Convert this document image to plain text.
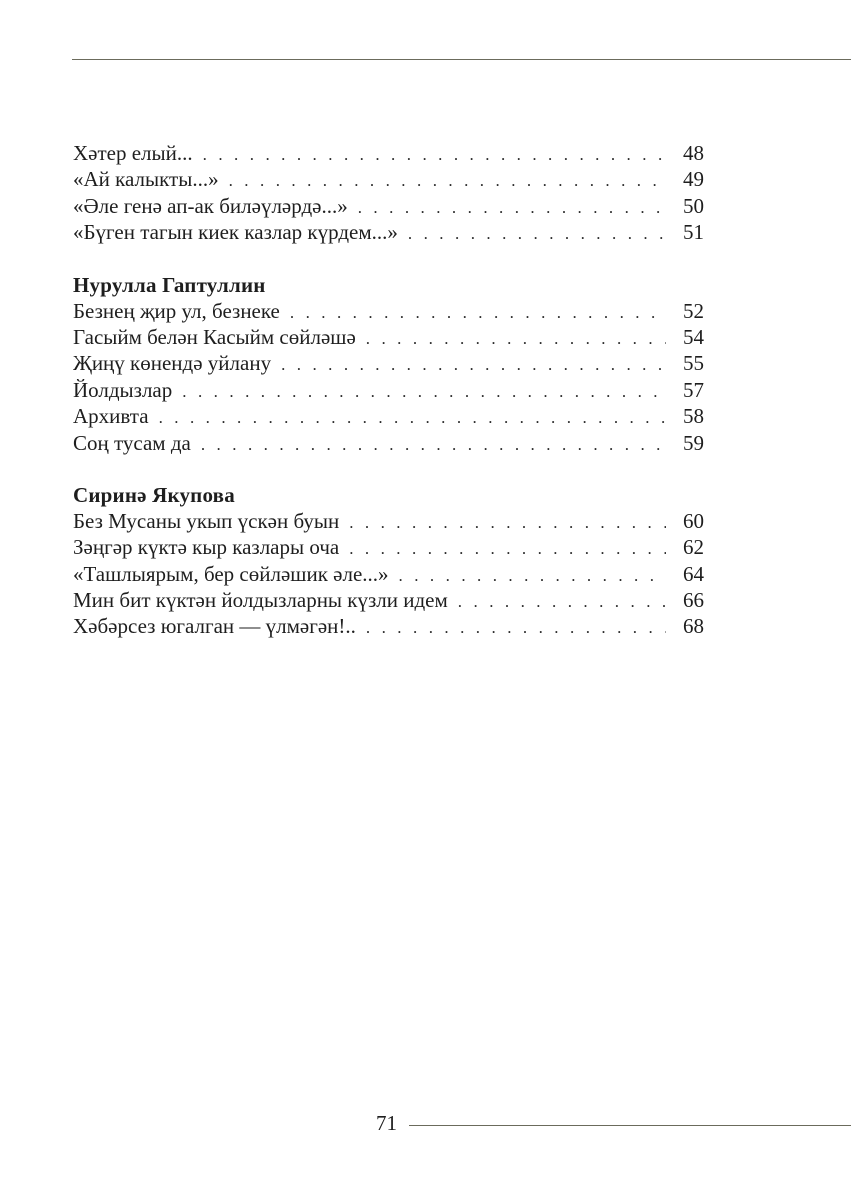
Хәтер елый... . . .	48
«Ай калыкты...» . . .	49
«Әле генә ап-ак биләүләрдә...» . . .	50
«Бүген тагын киек казлар күрдем...» . . .	51
Нурулла Гаптуллин
Безнең җир ул, безнеке . . .	52
Гасыйм белән Касыйм сөйләшә . . .	54
Җиңү көнендә уйлану . . .	55
Йолдызлар . . .	57
Архивта . . .	58
Соң тусам да . . .	59
Сиринә Якупова
Без Мусаны укып үскән буын . . .	60
Зәңгәр күктә кыр казлары оча . . .	62
«Ташлыярым, бер сөйләшик әле...» . . .	64
Мин бит күктән йолдызларны күзли идем . . .	66
Хәбәрсез югалган — үлмәгән!.. . . .	68
71
